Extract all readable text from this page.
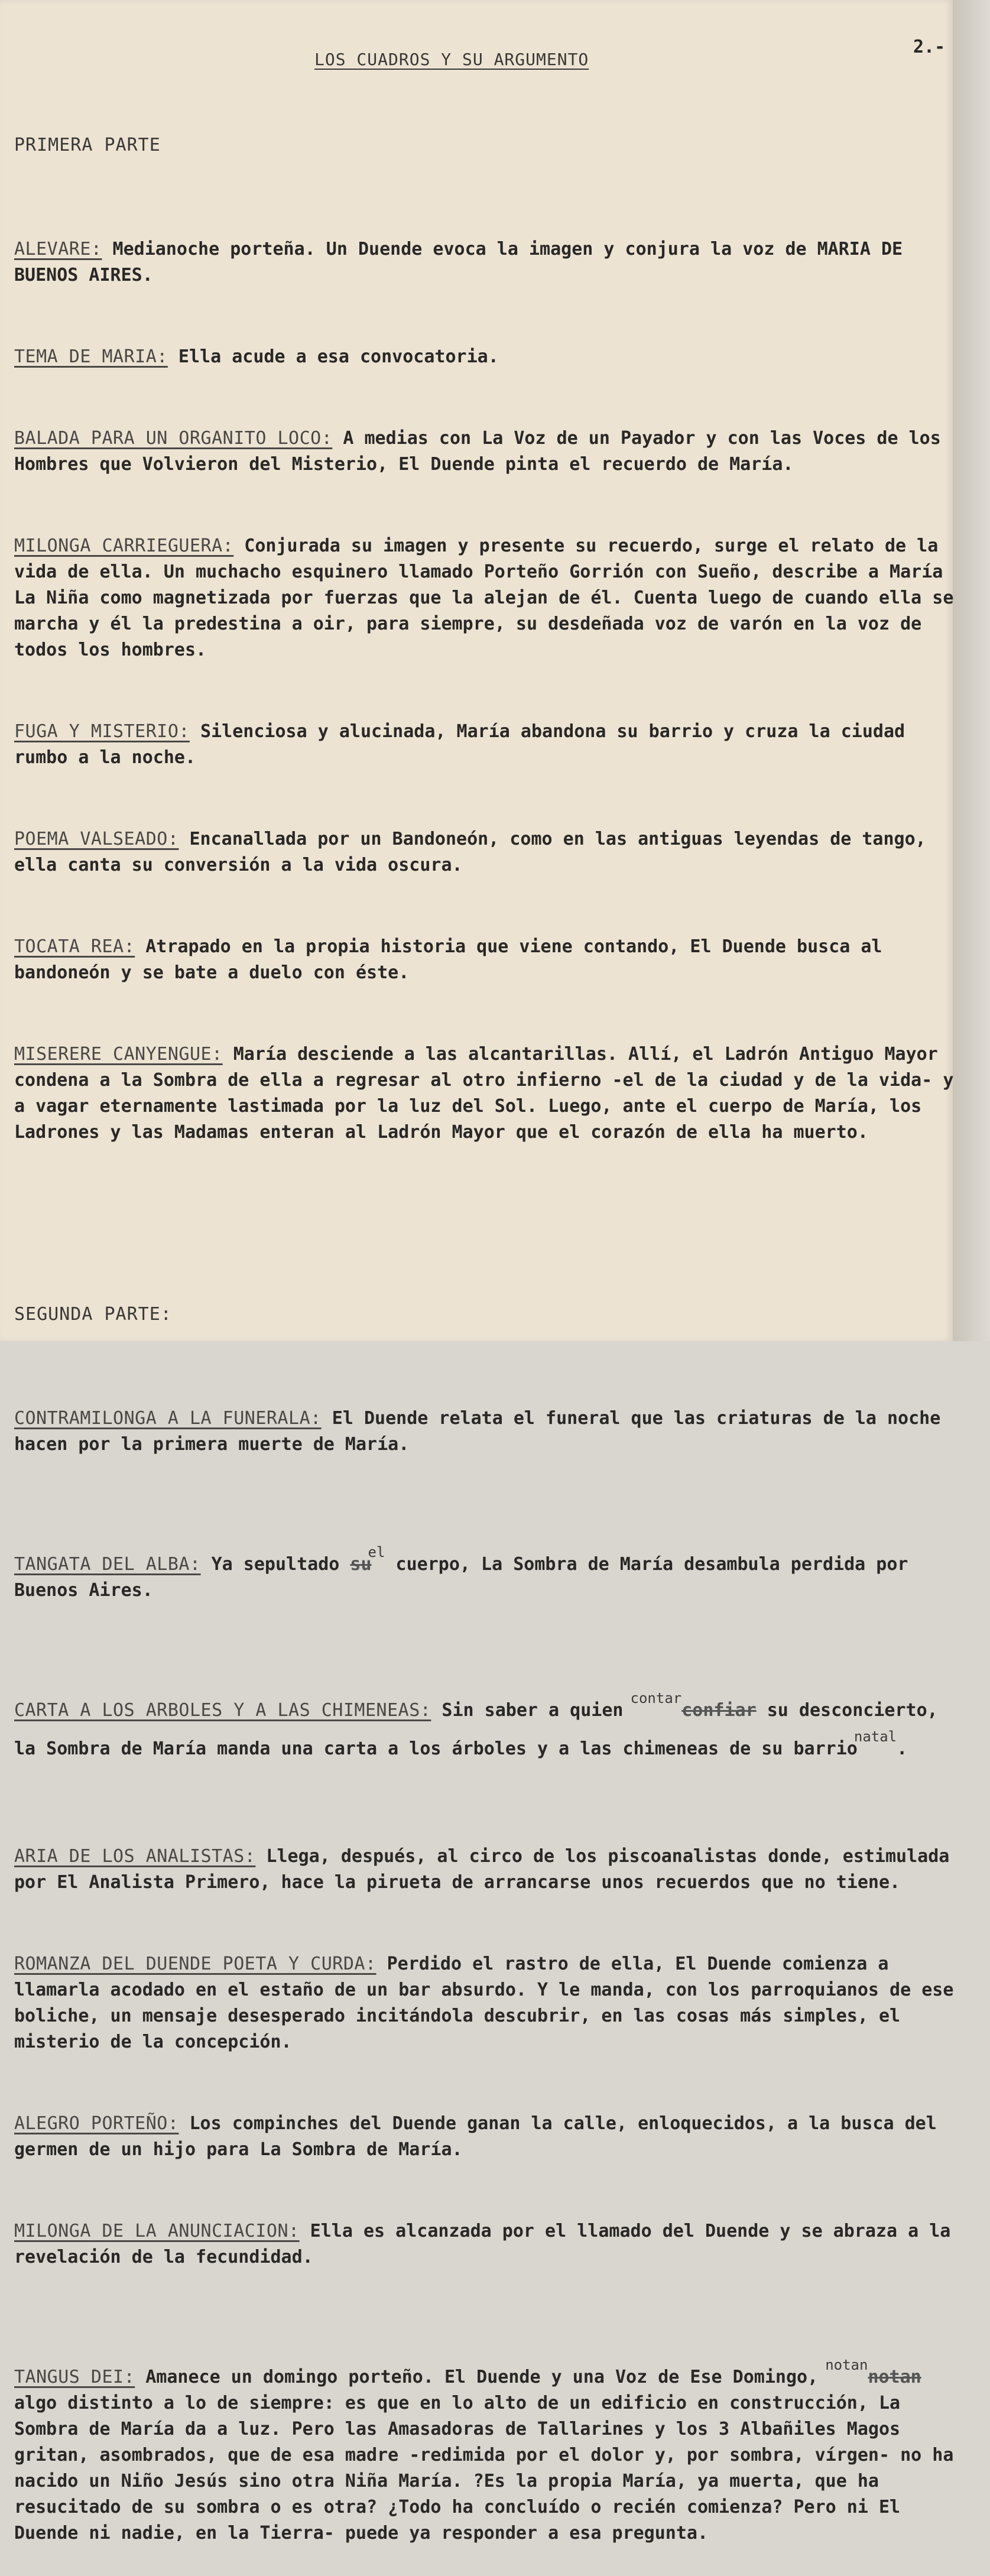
2.-
LOS CUADROS Y SU ARGUMENTO

PRIMERA PARTE

ALEVARE: Medianoche porteña. Un Duende evoca la imagen y conjura la voz de MARIA DE BUENOS AIRES.

TEMA DE MARIA: Ella acude a esa convocatoria.

BALADA PARA UN ORGANITO LOCO: A medias con La Voz de un Payador y con las Voces de los Hombres que Volvieron del Misterio, El Duende pinta el recuerdo de María.

MILONGA CARRIEGUERA: Conjurada su imagen y presente su recuerdo, surge el relato de la vida de ella. Un muchacho esquinero llamado Porteño Gorrión con Sueño, describe a María La Niña como magnetizada por fuerzas que la alejan de él. Cuenta luego de cuando ella se marcha y él la predestina a oir, para siempre, su desdeñada voz de varón en la voz de todos los hombres.

FUGA Y MISTERIO: Silenciosa y alucinada, María abandona su barrio y cruza la ciudad rumbo a la noche.

POEMA VALSEADO: Encanallada por un Bandoneón, como en las antiguas leyendas de tango, ella canta su conversión a la vida oscura.

TOCATA REA: Atrapado en la propia historia que viene contando, El Duende busca al bandoneón y se bate a duelo con éste.

MISERERE CANYENGUE: María desciende a las alcantarillas. Allí, el Ladrón Antiguo Mayor condena a la Sombra de ella a regresar al otro infierno -el de la ciudad y de la vida- y a vagar eternamente lastimada por la luz del Sol. Luego, ante el cuerpo de María, los Ladrones y las Madamas enteran al Ladrón Mayor que el corazón de ella ha muerto.

SEGUNDA PARTE:

CONTRAMILONGA A LA FUNERALA: El Duende relata el funeral que las criaturas de la noche hacen por la primera muerte de María.

TANGATA DEL ALBA: Ya sepultado su$^{el}$ cuerpo, La Sombra de María desambula perdida por Buenos Aires.

CARTA A LOS ARBOLES Y A LAS CHIMENEAS: Sin saber a quien $^{contar}$confiar su desconcierto, la Sombra de María manda una carta a los árboles y a las chimeneas de su barrio$^{natal}$.

ARIA DE LOS ANALISTAS: Llega, después, al circo de los piscoanalistas donde, estimulada por El Analista Primero, hace la pirueta de arrancarse unos recuerdos que no tiene.

ROMANZA DEL DUENDE POETA Y CURDA: Perdido el rastro de ella, El Duende comienza a llamarla acodado en el estaño de un bar absurdo. Y le manda, con los parroquianos de ese boliche, un mensaje desesperado incitándola descubrir, en las cosas más simples, el misterio de la concepción.

ALEGRO PORTEÑO: Los compinches del Duende ganan la calle, enloquecidos, a la busca del germen de un hijo para La Sombra de María.

MILONGA DE LA ANUNCIACION: Ella es alcanzada por el llamado del Duende y se abraza a la revelación de la fecundidad.

TANGUS DEI: Amanece un domingo porteño. El Duende y una Voz de Ese Domingo, $^{notan}$notan algo distinto a lo de siempre: es que en lo alto de un edificio en construcción, La Sombra de María da a luz. Pero las Amasadoras de Tallarines y los 3 Albañiles Magos gritan, asombrados, que de esa madre -redimida por el dolor y, por sombra, vírgen- no ha nacido un Niño Jesús sino otra Niña María. ?Es la propia María, ya muerta, que ha resucitado de su sombra o es otra? ¿Todo ha concluído o recién comienza? Pero ni El Duende ni nadie, en la Tierra- puede ya responder a esa pregunta.
